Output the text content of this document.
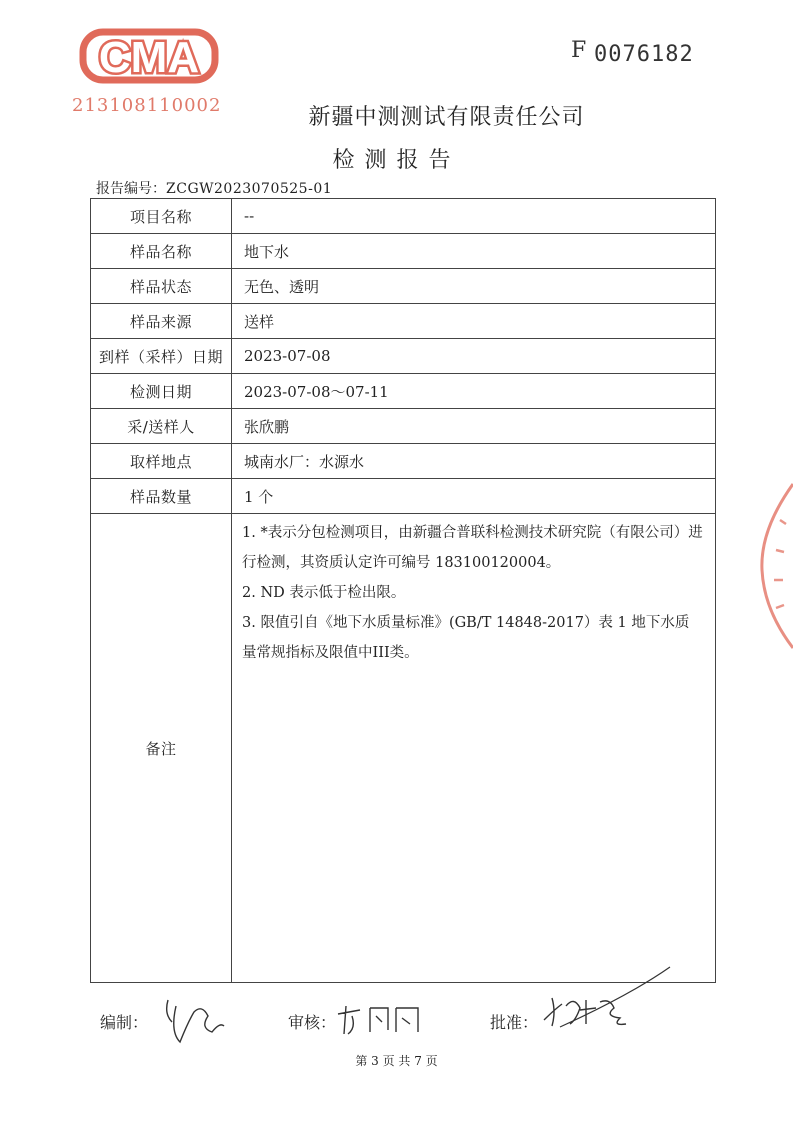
CMA
213108110002
F 0076182
新疆中测测试有限责任公司
检测报告
报告编号：ZCGW2023070525-01
项目名称	--
样品名称	地下水
样品状态	无色、透明
样品来源	送样
到样（采样）日期	2023-07-08
检测日期	2023-07-08～07-11
采/送样人	张欣鹏
取样地点	城南水厂：水源水
样品数量	1 个
备注	1. *表示分包检测项目，由新疆合普联科检测技术研究院（有限公司）进行检测，其资质认定许可编号 183100120004。

2. ND 表示低于检出限。

3. 限值引自《地下水质量标准》(GB/T 14848-2017）表 1 地下水质量常规指标及限值中III类。

编制：	审核：	批准：
第 3 页 共 7 页
